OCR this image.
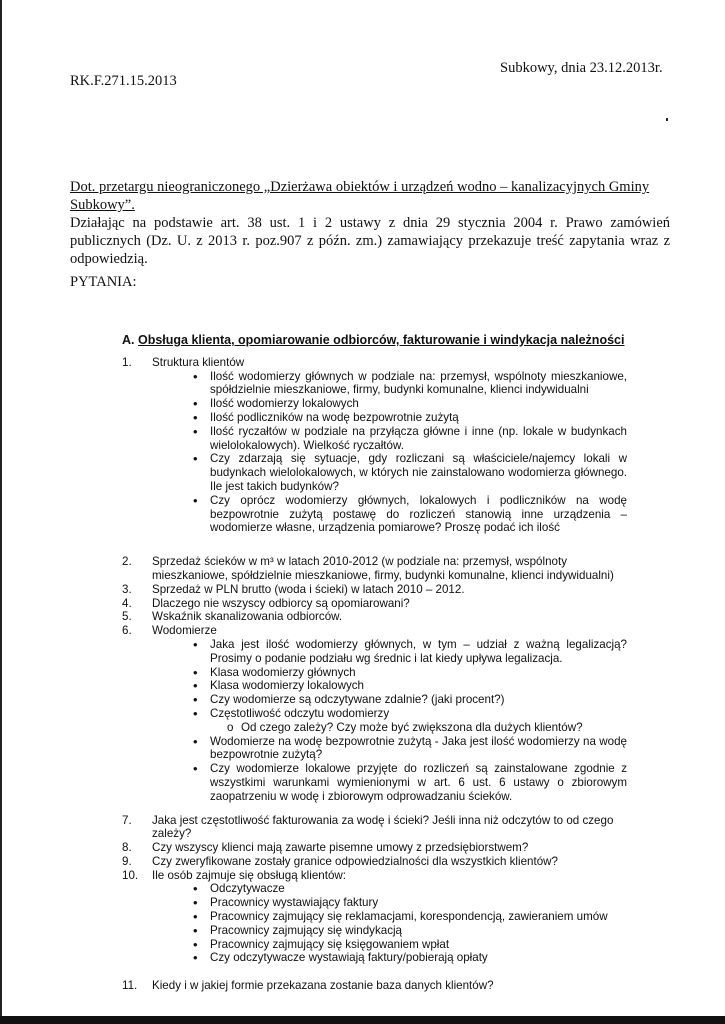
RK.F.271.15.2013
Subkowy, dnia 23.12.2013r.
Dot. przetargu nieograniczonego „Dzierżawa obiektów i urządzeń wodno – kanalizacyjnych Gminy Subkowy”.
Działając na podstawie art. 38 ust. 1 i 2 ustawy z dnia 29 stycznia 2004 r. Prawo zamówień publicznych (Dz. U. z 2013 r. poz.907 z późn. zm.) zamawiający przekazuje treść zapytania wraz z odpowiedzią.
PYTANIA:
A. Obsługa klienta, opomiarowanie odbiorców, fakturowanie i windykacja należności
1. Struktura klientów
• Ilość wodomierzy głównych w podziale na: przemysł, wspólnoty mieszkaniowe, spółdzielnie mieszkaniowe, firmy, budynki komunalne, klienci indywidualni
• Ilość wodomierzy lokalowych
• Ilość podliczników na wodę bezpowrotnie zużytą
• Ilość ryczałtów w podziale na przyłącza główne i inne (np. lokale w budynkach wielolokalowych). Wielkość ryczałtów.
• Czy zdarzają się sytuacje, gdy rozliczani są właściciele/najemcy lokali w budynkach wielolokalowych, w których nie zainstalowano wodomierza głównego. Ile jest takich budynków?
• Czy oprócz wodomierzy głównych, lokalowych i podliczników na wodę bezpowrotnie zużytą postawę do rozliczeń stanowią inne urządzenia – wodomierze własne, urządzenia pomiarowe? Proszę podać ich ilość
2. Sprzedaż ścieków w m³ w latach 2010-2012 (w podziale na: przemysł, wspólnoty mieszkaniowe, spółdzielnie mieszkaniowe, firmy, budynki komunalne, klienci indywidualni)
3. Sprzedaż w PLN brutto (woda i ścieki) w latach 2010 – 2012.
4. Dlaczego nie wszyscy odbiorcy są opomiarowani?
5. Wskaźnik skanalizowania odbiorców.
6. Wodomierze
• Jaka jest ilość wodomierzy głównych, w tym – udział z ważną legalizacją? Prosimy o podanie podziału wg średnic i lat kiedy upływa legalizacja.
• Klasa wodomierzy głównych
• Klasa wodomierzy lokalowych
• Czy wodomierze są odczytywane zdalnie? (jaki procent?)
• Częstotliwość odczytu wodomierzy
o Od czego zależy? Czy może być zwiększona dla dużych klientów?
• Wodomierze na wodę bezpowrotnie zużytą - Jaka jest ilość wodomierzy na wodę bezpowrotnie zużytą?
• Czy wodomierze lokalowe przyjęte do rozliczeń są zainstalowane zgodnie z wszystkimi warunkami wymienionymi w art. 6 ust. 6 ustawy o zbiorowym zaopatrzeniu w wodę i zbiorowym odprowadzaniu ścieków.
7. Jaka jest częstotliwość fakturowania za wodę i ścieki? Jeśli inna niż odczytów to od czego zależy?
8. Czy wszyscy klienci mają zawarte pisemne umowy z przedsiębiorstwem?
9. Czy zweryfikowane zostały granice odpowiedzialności dla wszystkich klientów?
10. Ile osób zajmuje się obsługą klientów:
• Odczytywacze
• Pracownicy wystawiający faktury
• Pracownicy zajmujący się reklamacjami, korespondencją, zawieraniem umów
• Pracownicy zajmujący się windykacją
• Pracownicy zajmujący się księgowaniem wpłat
• Czy odczytywacze wystawiają faktury/pobierają opłaty
11. Kiedy i w jakiej formie przekazana zostanie baza danych klientów?
